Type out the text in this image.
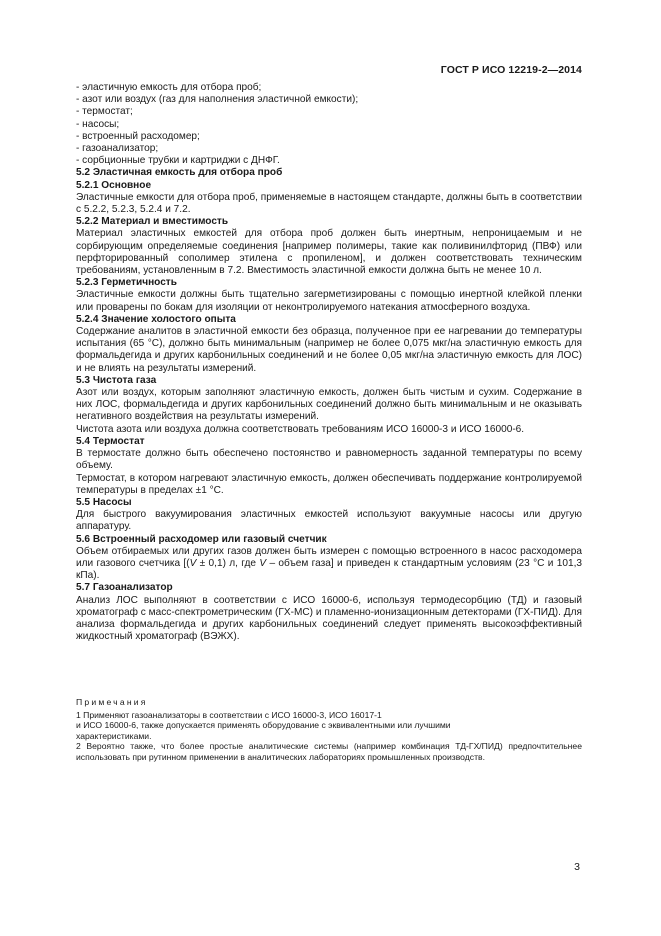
ГОСТ Р ИСО 12219-2—2014

- эластичную емкость для отбора проб;

- азот или воздух (газ для наполнения эластичной емкости);

- термостат;

- насосы;

- встроенный расходомер;

- газоанализатор;

- сорбционные трубки и картриджи с ДНФГ.

5.2 Эластичная емкость для отбора проб

5.2.1 Основное

Эластичные емкости для отбора проб, применяемые в настоящем стандарте, должны быть в соответствии с 5.2.2, 5.2.3, 5.2.4 и 7.2.

5.2.2 Материал и вместимость

Материал эластичных емкостей для отбора проб должен быть инертным, непроницаемым и не сорбирующим определяемые соединения [например полимеры, такие как поливинилфторид (ПВФ) или перфторированный сополимер этилена с пропиленом], и должен соответствовать техническим требованиям, установленным в 7.2. Вместимость эластичной емкости должна быть не менее 10 л.

5.2.3 Герметичность

Эластичные емкости должны быть тщательно загерметизированы с помощью инертной клейкой пленки или проварены по бокам для изоляции от неконтролируемого натекания атмосферного воздуха.

5.2.4 Значение холостого опыта

Содержание аналитов в эластичной емкости без образца, полученное при ее нагревании до температуры испытания (65 °С), должно быть минимальным (например не более 0,075 мкг/на эластичную емкость для формальдегида и других карбонильных соединений и не более 0,05 мкг/на эластичную емкость для ЛОС) и не влиять на результаты измерений.

5.3 Чистота газа

Азот или воздух, которым заполняют эластичную емкость, должен быть чистым и сухим. Содержание в них ЛОС, формальдегида и других карбонильных соединений должно быть минимальным и не оказывать негативного воздействия на результаты измерений.

Чистота азота или воздуха должна соответствовать требованиям ИСО 16000-3 и ИСО 16000-6.

5.4 Термостат

В термостате должно быть обеспечено постоянство и равномерность заданной температуры по всему объему.

Термостат, в котором нагревают эластичную емкость, должен обеспечивать поддержание контролируемой температуры в пределах ±1 °С.

5.5 Насосы

Для быстрого вакуумирования эластичных емкостей используют вакуумные насосы или другую аппаратуру.

5.6 Встроенный расходомер или газовый счетчик

Объем отбираемых или других газов должен быть измерен с помощью встроенного в насос расходомера или газового счетчика [(V ± 0,1) л, где V – объем газа] и приведен к стандартным условиям (23 °С и 101,3 кПа).

5.7 Газоанализатор

Анализ ЛОС выполняют в соответствии с ИСО 16000-6, используя термодесорбцию (ТД) и газовый хроматограф с масс-спектрометрическим (ГХ-МС) и пламенно-ионизационным детекторами (ГХ-ПИД). Для анализа формальдегида и других карбонильных соединений следует применять высокоэффективный жидкостный хроматограф (ВЭЖХ).

Примечания

1 Применяют газоанализаторы в соответствии с ИСО 16000-3, ИСО 16017-1

и ИСО 16000-6, также допускается применять оборудование с эквивалентными или лучшими

характеристиками.

2 Вероятно также, что более простые аналитические системы (например комбинация ТД-ГХ/ПИД) предпочтительнее использовать при рутинном применении в аналитических лабораториях промышленных производств.

3
